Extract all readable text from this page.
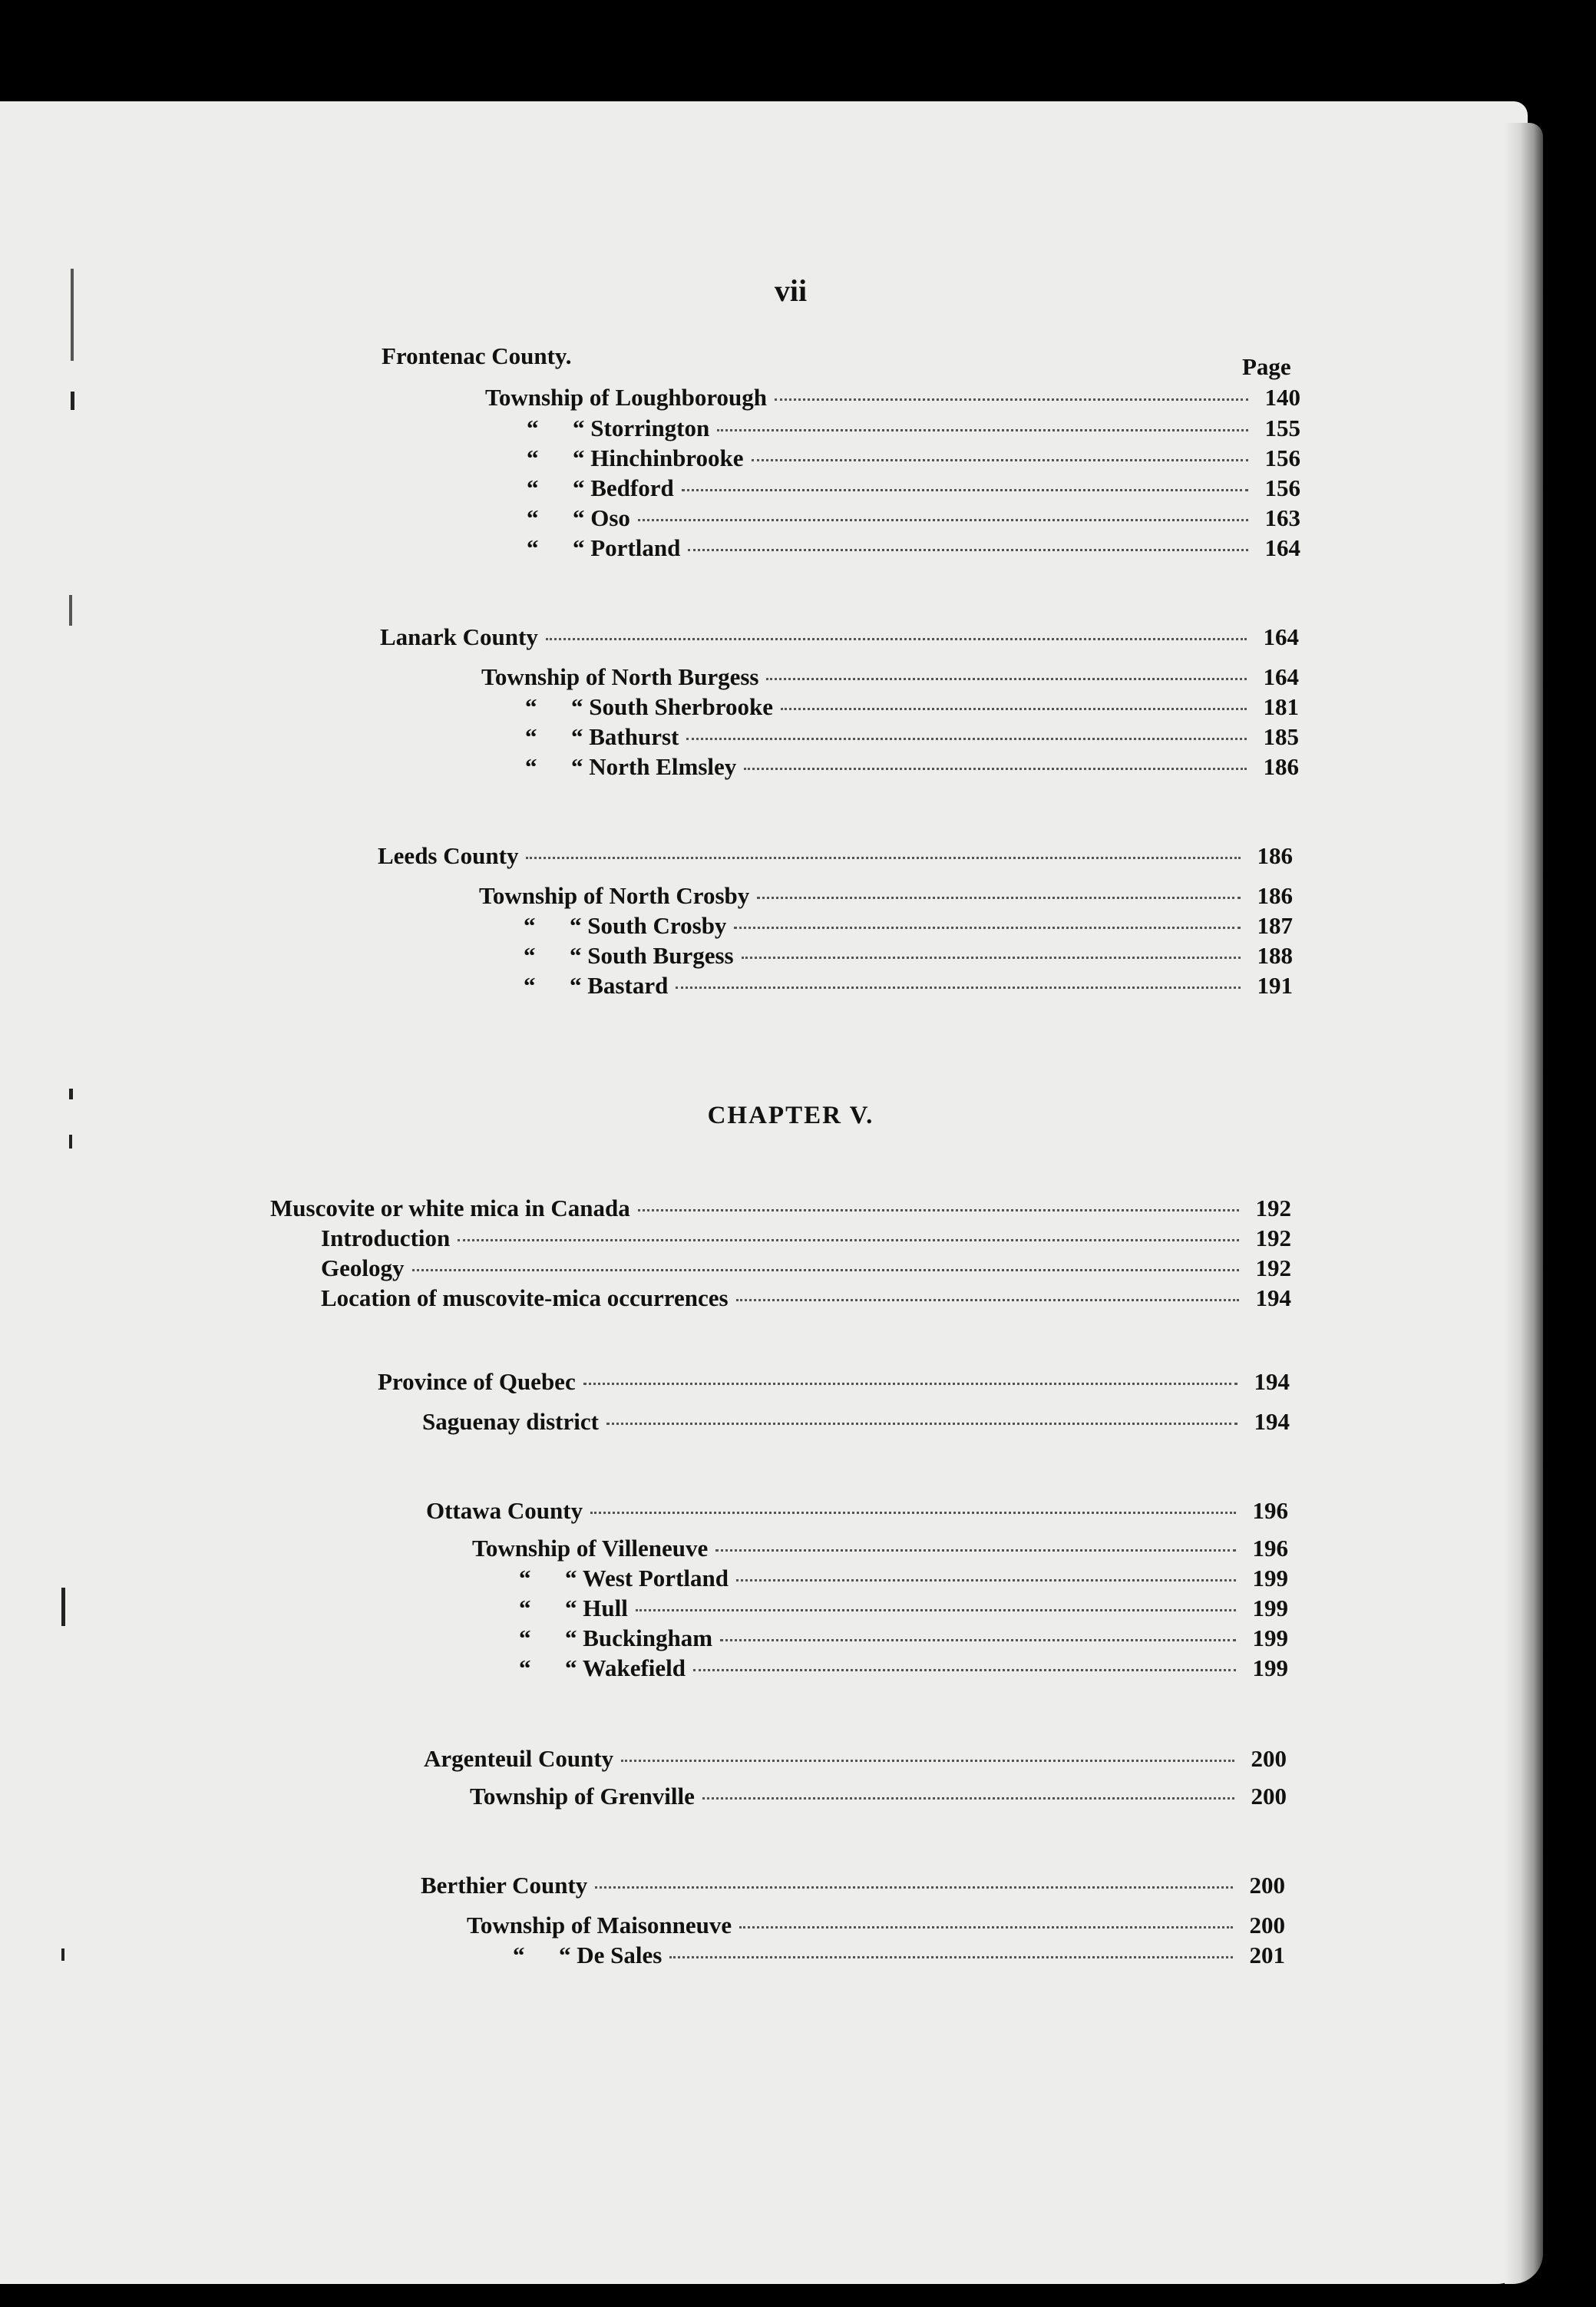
vii
Page
Frontenac County.
Township of Loughborough	140
“	“ Storrington	155
“	“ Hinchinbrooke	156
“	“ Bedford	156
“	“ Oso	163
“	“ Portland	164
Lanark County	164
Township of North Burgess	164
“	“ South Sherbrooke	181
“	“ Bathurst	185
“	“ North Elmsley	186
Leeds County	186
Township of North Crosby	186
“	“ South Crosby	187
“	“ South Burgess	188
“	“ Bastard	191
CHAPTER V.
Muscovite or white mica in Canada	192
Introduction	192
Geology	192
Location of muscovite-mica occurrences	194
Province of Quebec	194
Saguenay district	194
Ottawa County	196
Township of Villeneuve	196
“	“ West Portland	199
“	“ Hull	199
“	“ Buckingham	199
“	“ Wakefield	199
Argenteuil County	200
Township of Grenville	200
Berthier County	200
Township of Maisonneuve	200
“	“ De Sales	201
